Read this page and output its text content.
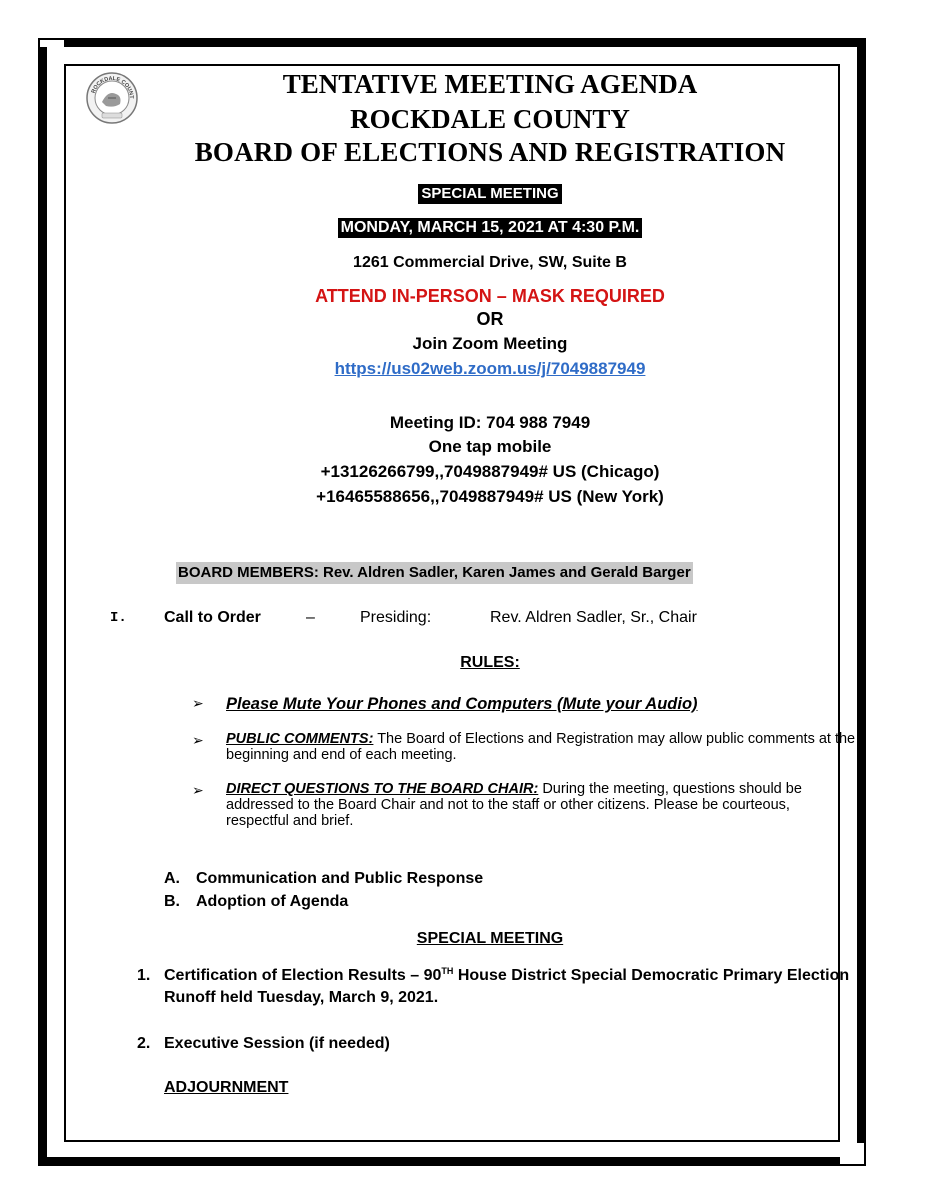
ROCKDALE COUNT	TENTATIVE MEETING AGENDA
ROCKDALE COUNTY
BOARD OF ELECTIONS AND REGISTRATION
SPECIAL MEETING
MONDAY, MARCH 15, 2021 AT 4:30 P.M.
1261 Commercial Drive, SW, Suite B
ATTEND IN-PERSON – MASK REQUIRED
OR
Join Zoom Meeting
https://us02web.zoom.us/j/7049887949
Meeting ID: 704 988 7949
One tap mobile
+13126266799,,7049887949# US (Chicago)
+16465588656,,7049887949# US (New York)
BOARD MEMBERS: Rev. Aldren Sadler, Karen James and Gerald Barger
I. Call to Order	–	Presiding:	Rev. Aldren Sadler, Sr., Chair
RULES:
➢ Please Mute Your Phones and Computers (Mute your Audio)
➢ PUBLIC COMMENTS: The Board of Elections and Registration may allow public comments at the beginning and end of each meeting.
➢ DIRECT QUESTIONS TO THE BOARD CHAIR: During the meeting, questions should be addressed to the Board Chair and not to the staff or other citizens. Please be courteous, respectful and brief.
A. Communication and Public Response
B. Adoption of Agenda
SPECIAL MEETING
1. Certification of Election Results – 90TH House District Special Democratic Primary Election Runoff held Tuesday, March 9, 2021.
2. Executive Session (if needed)
ADJOURNMENT
